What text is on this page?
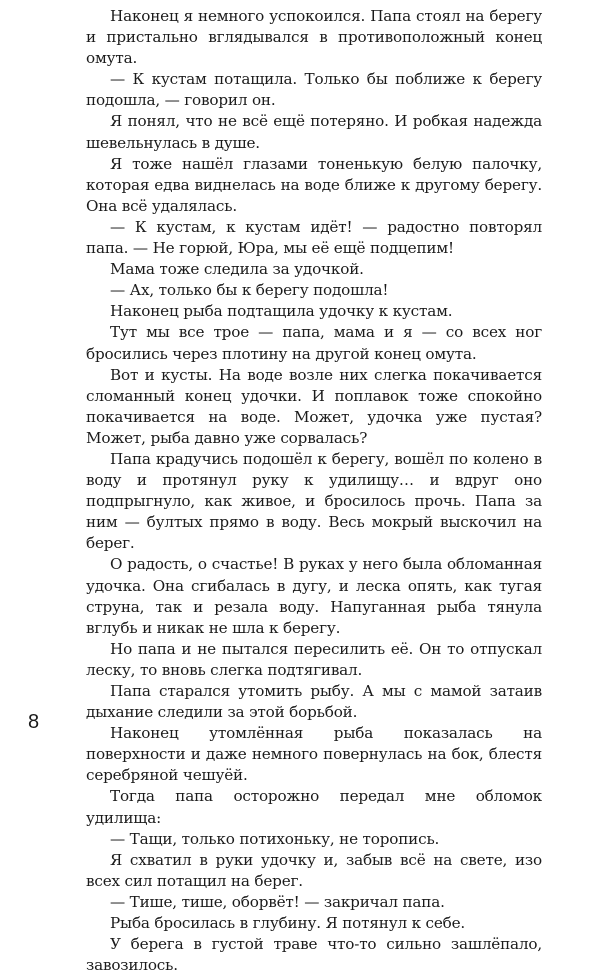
Наконец я немного успокоился. Папа стоял на берегу и пристально вглядывался в противоположный конец омута.

— К кустам потащила. Только бы поближе к берегу подошла, — говорил он.

Я понял, что не всё ещё потеряно. И робкая надежда шевельнулась в душе.

Я тоже нашёл глазами тоненькую белую палочку, которая едва виднелась на воде ближе к другому берегу. Она всё удалялась.

— К кустам, к кустам идёт! — радостно повторял папа. — Не горюй, Юра, мы её ещё подцепим!

Мама тоже следила за удочкой.

— Ах, только бы к берегу подошла!

Наконец рыба подтащила удочку к кустам.

Тут мы все трое — папа, мама и я — со всех ног бросились через плотину на другой конец омута.

Вот и кусты. На воде возле них слегка покачивается сломанный конец удочки. И поплавок тоже спокойно покачивается на воде. Может, удочка уже пустая? Может, рыба давно уже сорвалась?

Папа крадучись подошёл к берегу, вошёл по колено в воду и протянул руку к удилищу… и вдруг оно подпрыгнуло, как живое, и бросилось прочь. Папа за ним — бултых прямо в воду. Весь мокрый выскочил на берег.

О радость, о счастье! В руках у него была обломанная удочка. Она сгибалась в дугу, и леска опять, как тугая струна, так и резала воду. Напуганная рыба тянула вглубь и никак не шла к берегу.

Но папа и не пытался пересилить её. Он то отпускал леску, то вновь слегка подтягивал.

Папа старался утомить рыбу. А мы с мамой затаив дыхание следили за этой борьбой.

Наконец утомлённая рыба показалась на поверхности и даже немного повернулась на бок, блестя серебряной чешуёй.

Тогда папа осторожно передал мне обломок удилища:

— Тащи, только потихоньку, не торопись.

Я схватил в руки удочку и, забыв всё на свете, изо всех сил потащил на берег.

— Тише, тише, оборвёт! — закричал папа.

Рыба бросилась в глубину. Я потянул к себе.

У берега в густой траве что-то сильно зашлёпало, завозилось.

8
